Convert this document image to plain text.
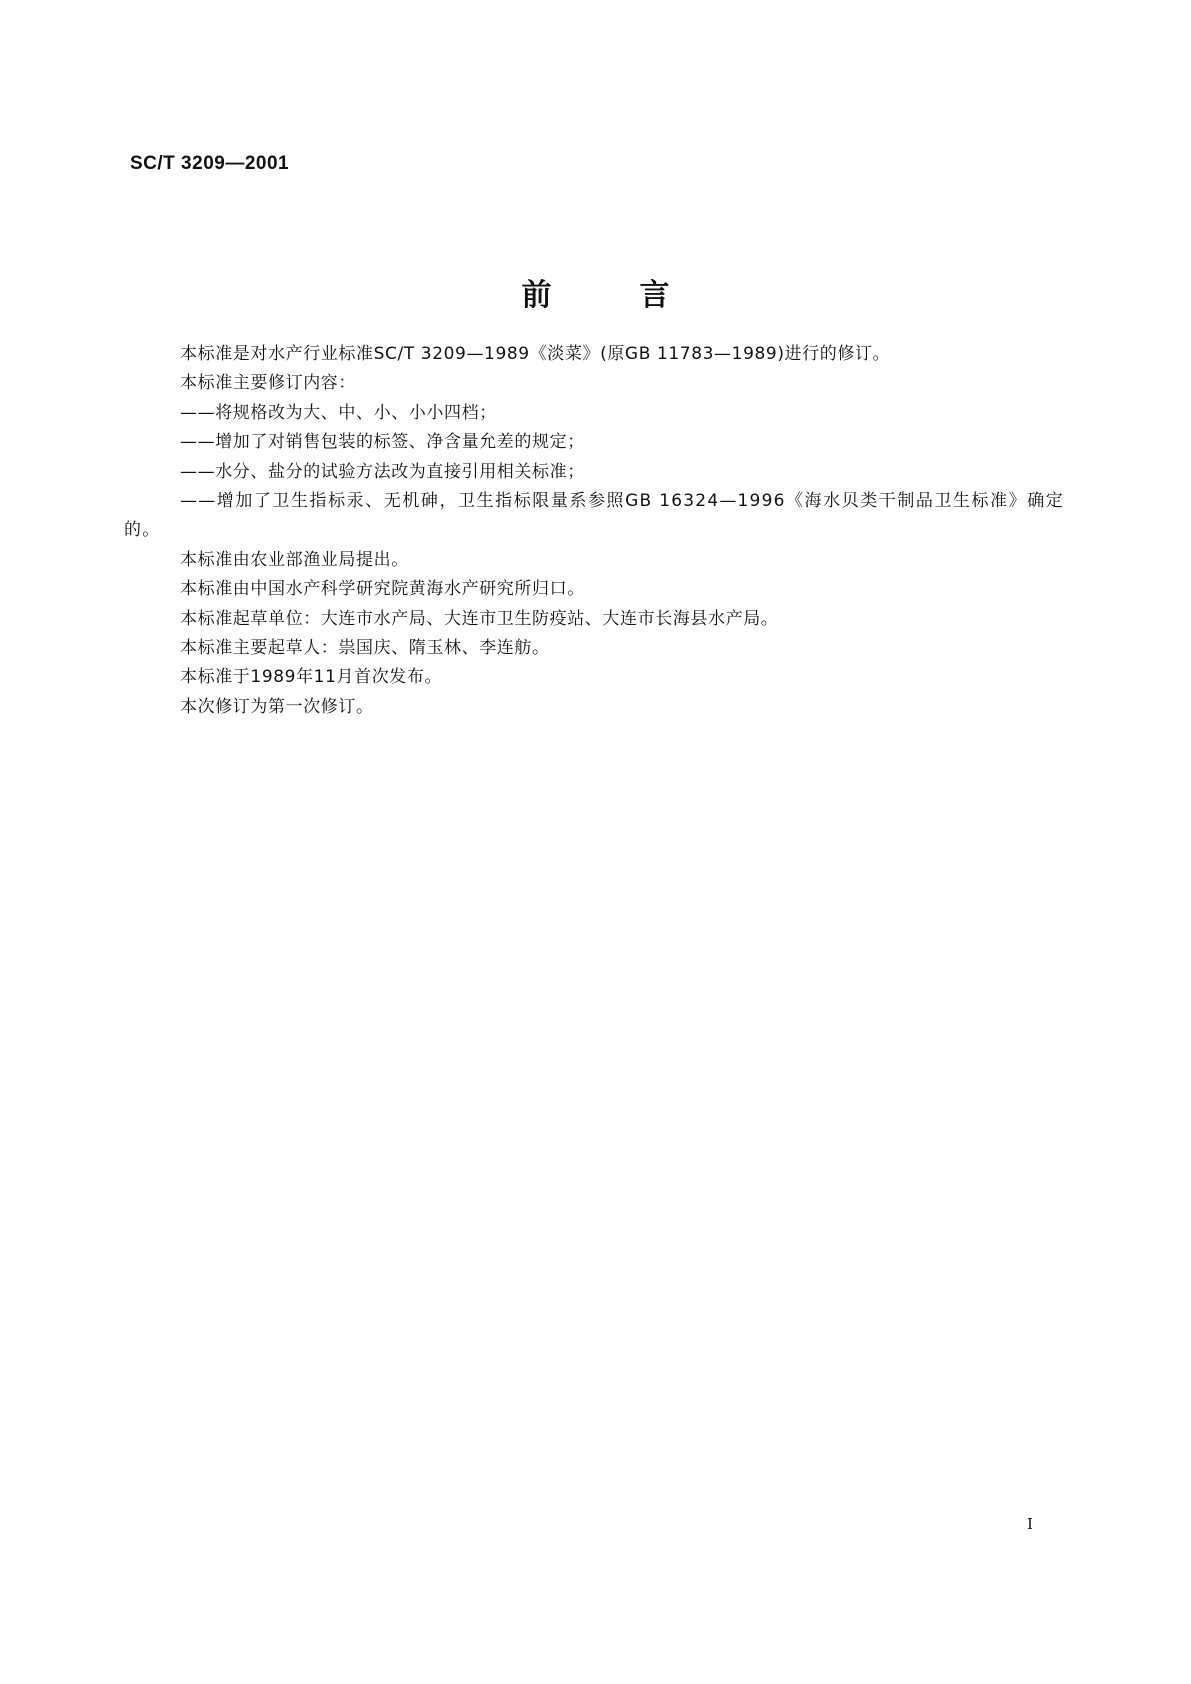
SC/T 3209—2001
前言

本标准是对水产行业标准SC/T 3209—1989《淡菜》(原GB 11783—1989)进行的修订。

本标准主要修订内容：

——将规格改为大、中、小、小小四档；

——增加了对销售包装的标签、净含量允差的规定；

——水分、盐分的试验方法改为直接引用相关标准；

——增加了卫生指标汞、无机砷，卫生指标限量系参照GB 16324—1996《海水贝类干制品卫生标准》确定的。

本标准由农业部渔业局提出。

本标准由中国水产科学研究院黄海水产研究所归口。

本标准起草单位：大连市水产局、大连市卫生防疫站、大连市长海县水产局。

本标准主要起草人：祟国庆、隋玉林、李连舫。

本标准于1989年11月首次发布。

本次修订为第一次修订。

I
